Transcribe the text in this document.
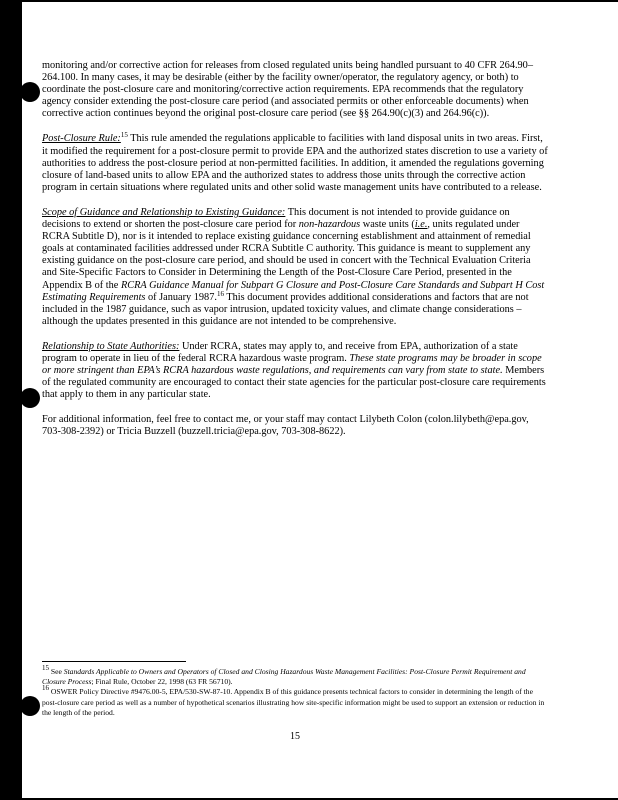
monitoring and/or corrective action for releases from closed regulated units being handled pursuant to 40 CFR 264.90–264.100. In many cases, it may be desirable (either by the facility owner/operator, the regulatory agency, or both) to coordinate the post-closure care and monitoring/corrective action requirements. EPA recommends that the regulatory agency consider extending the post-closure care period (and associated permits or other enforceable documents) when corrective action continues beyond the original post-closure care period (see §§ 264.90(c)(3) and 264.96(c)).

Post-Closure Rule:$^{15}$ This rule amended the regulations applicable to facilities with land disposal units in two areas. First, it modified the requirement for a post-closure permit to provide EPA and the authorized states discretion to use a variety of authorities to address the post-closure period at non-permitted facilities. In addition, it amended the regulations governing closure of land-based units to allow EPA and the authorized states to address those units through the corrective action program in certain situations where regulated units and other solid waste management units have contributed to a release.

Scope of Guidance and Relationship to Existing Guidance: This document is not intended to provide guidance on decisions to extend or shorten the post-closure care period for non-hazardous waste units (i.e., units regulated under RCRA Subtitle D), nor is it intended to replace existing guidance concerning establishment and attainment of remedial goals at contaminated facilities addressed under RCRA Subtitle C authority. This guidance is meant to supplement any existing guidance on the post-closure care period, and should be used in concert with the Technical Evaluation Criteria and Site-Specific Factors to Consider in Determining the Length of the Post-Closure Care Period, presented in the Appendix B of the RCRA Guidance Manual for Subpart G Closure and Post-Closure Care Standards and Subpart H Cost Estimating Requirements of January 1987.16 This document provides additional considerations and factors that are not included in the 1987 guidance, such as vapor intrusion, updated toxicity values, and climate change considerations – although the updates presented in this guidance are not intended to be comprehensive.

Relationship to State Authorities: Under RCRA, states may apply to, and receive from EPA, authorization of a state program to operate in lieu of the federal RCRA hazardous waste program. These state programs may be broader in scope or more stringent than EPA’s RCRA hazardous waste regulations, and requirements can vary from state to state. Members of the regulated community are encouraged to contact their state agencies for the particular post-closure care requirements that apply to them in any particular state.

For additional information, feel free to contact me, or your staff may contact Lilybeth Colon (colon.lilybeth@epa.gov, 703-308-2392) or Tricia Buzzell (buzzell.tricia@epa.gov, 703-308-8622).

$^{15}$ See Standards Applicable to Owners and Operators of Closed and Closing Hazardous Waste Management Facilities: Post-Closure Permit Requirement and Closure Process; Final Rule, October 22, 1998 (63 FR 56710).

$^{16}$ OSWER Policy Directive #9476.00-5, EPA/530-SW-87-10. Appendix B of this guidance presents technical factors to consider in determining the length of the post-closure care period as well as a number of hypothetical scenarios illustrating how site-specific information might be used to support an extension or reduction in the length of the period.

15
